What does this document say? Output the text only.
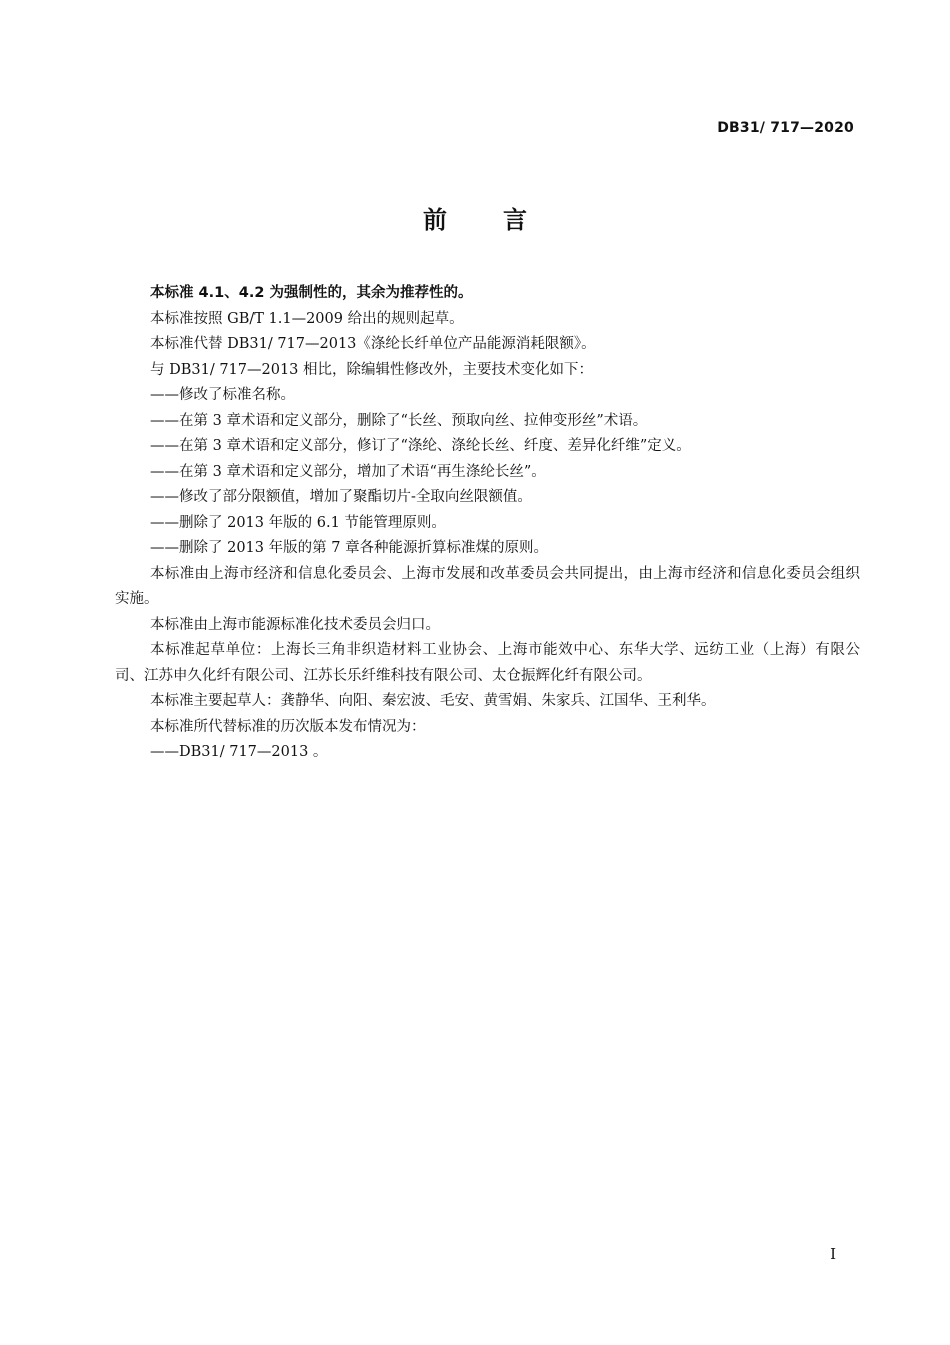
DB31/ 717—2020
前言

本标准 4.1、4.2 为强制性的，其余为推荐性的。

本标准按照 GB/T 1.1—2009 给出的规则起草。

本标准代替 DB31/ 717—2013《涤纶长纤单位产品能源消耗限额》。

与 DB31/ 717—2013 相比，除编辑性修改外，主要技术变化如下：

——修改了标准名称。

——在第 3 章术语和定义部分，删除了“长丝、预取向丝、拉伸变形丝”术语。

——在第 3 章术语和定义部分，修订了“涤纶、涤纶长丝、纤度、差异化纤维”定义。

——在第 3 章术语和定义部分，增加了术语“再生涤纶长丝”。

——修改了部分限额值，增加了聚酯切片-全取向丝限额值。

——删除了 2013 年版的 6.1 节能管理原则。

——删除了 2013 年版的第 7 章各种能源折算标准煤的原则。

本标准由上海市经济和信息化委员会、上海市发展和改革委员会共同提出，由上海市经济和信息化委员会组织实施。

本标准由上海市能源标准化技术委员会归口。

本标准起草单位：上海长三角非织造材料工业协会、上海市能效中心、东华大学、远纺工业（上海）有限公司、江苏申久化纤有限公司、江苏长乐纤维科技有限公司、太仓振辉化纤有限公司。

本标准主要起草人：龚静华、向阳、秦宏波、毛安、黄雪娟、朱家兵、江国华、王利华。

本标准所代替标准的历次版本发布情况为：

——DB31/ 717—2013 。

I
